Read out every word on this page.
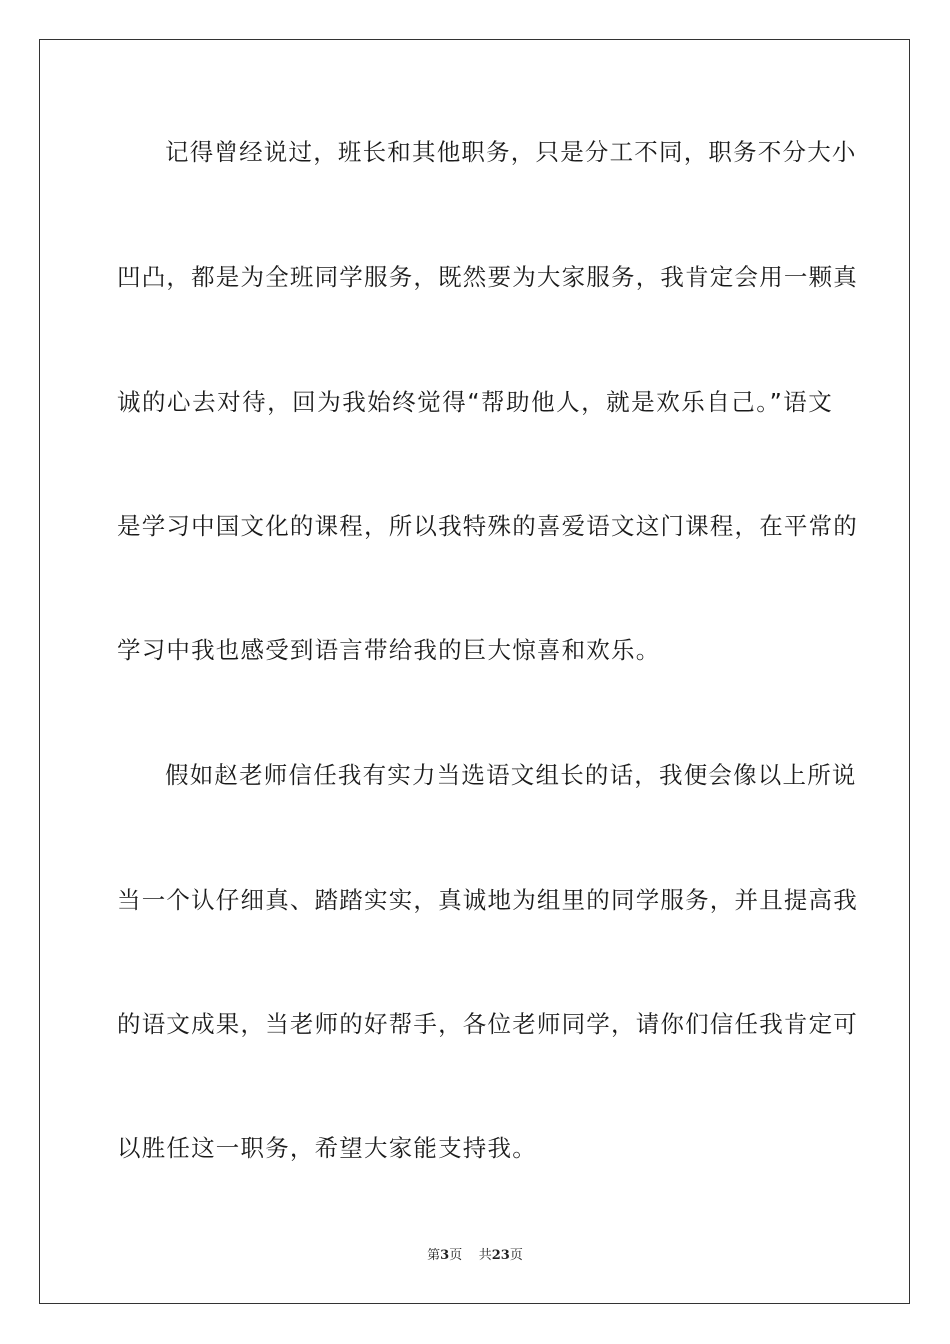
记得曾经说过，班长和其他职务，只是分工不同，职务不分大小
凹凸，都是为全班同学服务，既然要为大家服务，我肯定会用一颗真
诚的心去对待，回为我始终觉得“帮助他人，就是欢乐自己。”语文
是学习中国文化的课程，所以我特殊的喜爱语文这门课程，在平常的
学习中我也感受到语言带给我的巨大惊喜和欢乐。
假如赵老师信任我有实力当选语文组长的话，我便会像以上所说
当一个认仔细真、踏踏实实，真诚地为组里的同学服务，并且提高我
的语文成果，当老师的好帮手，各位老师同学，请你们信任我肯定可
以胜任这一职务，希望大家能支持我。
第3页 共23页
